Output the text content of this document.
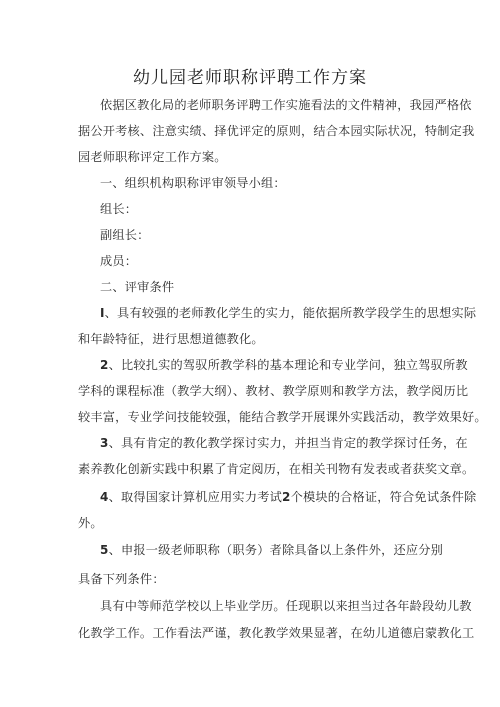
幼儿园老师职称评聘工作方案
依据区教化局的老师职务评聘工作实施看法的文件精神，我园严格依
据公开考核、注意实绩、择优评定的原则，结合本园实际状况，特制定我
园老师职称评定工作方案。
一、组织机构职称评审领导小组：
组长：
副组长：
成员：
二、评审条件
I、具有较强的老师教化学生的实力，能依据所教学段学生的思想实际
和年龄特征，进行思想道德教化。
2、比较扎实的驾驭所教学科的基本理论和专业学问，独立驾驭所教
学科的课程标准（教学大纲）、教材、教学原则和教学方法，教学阅历比
较丰富，专业学问技能较强，能结合教学开展课外实践活动，教学效果好。
3、具有肯定的教化教学探讨实力，并担当肯定的教学探讨任务，在
素养教化创新实践中积累了肯定阅历，在相关刊物有发表或者获奖文章。
4、取得国家计算机应用实力考试2个模块的合格证，符合免试条件除
外。
5、申报一级老师职称（职务）者除具备以上条件外，还应分别
具备下列条件：
具有中等师范学校以上毕业学历。任现职以来担当过各年龄段幼儿教
化教学工作。工作看法严谨，教化教学效果显著，在幼儿道德启蒙教化工
